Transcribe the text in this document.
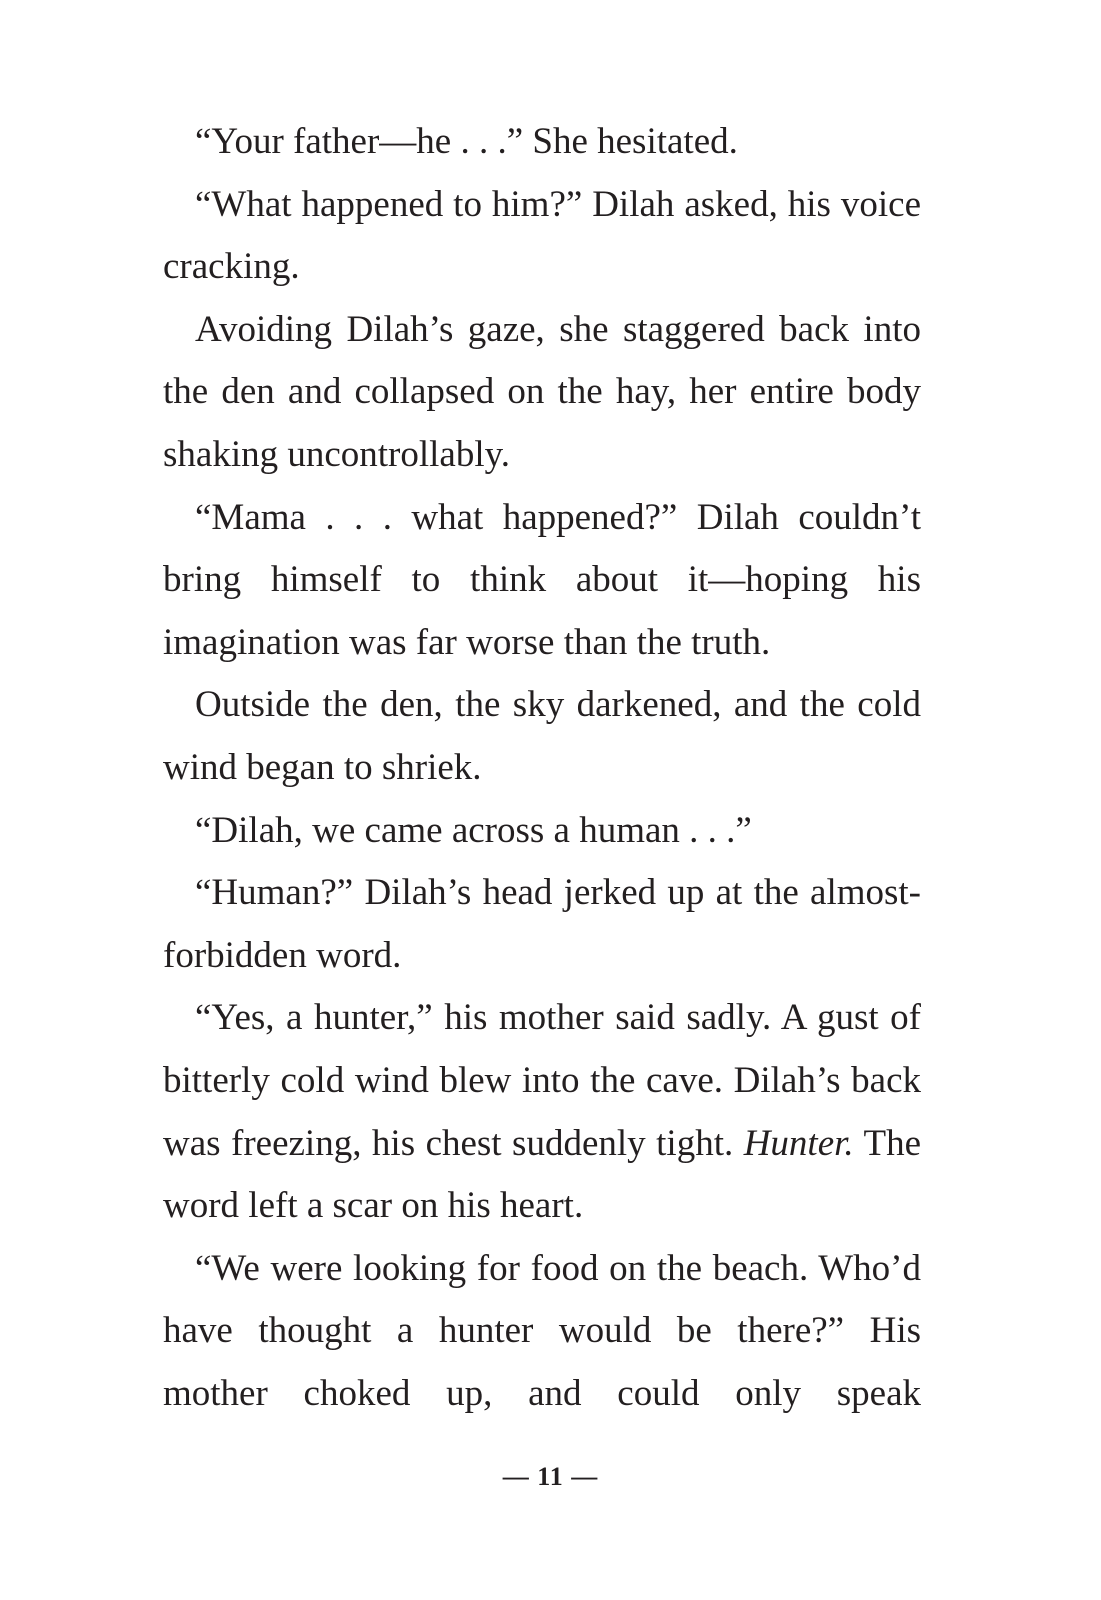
“Your father—he . . .” She hesitated.

“What happened to him?” Dilah asked, his voice cracking.

Avoiding Dilah’s gaze, she staggered back into the den and collapsed on the hay, her entire body shaking uncontrollably.

“Mama . . . what happened?” Dilah couldn’t bring himself to think about it—hoping his imagination was far worse than the truth.

Outside the den, the sky darkened, and the cold wind began to shriek.

“Dilah, we came across a human . . .”

“Human?” Dilah’s head jerked up at the almost-forbidden word.

“Yes, a hunter,” his mother said sadly. A gust of bitterly cold wind blew into the cave. Dilah’s back was freezing, his chest suddenly tight. Hunter. The word left a scar on his heart.

“We were looking for food on the beach. Who’d have thought a hunter would be there?” His mother choked up, and could only speak

— 11 —
